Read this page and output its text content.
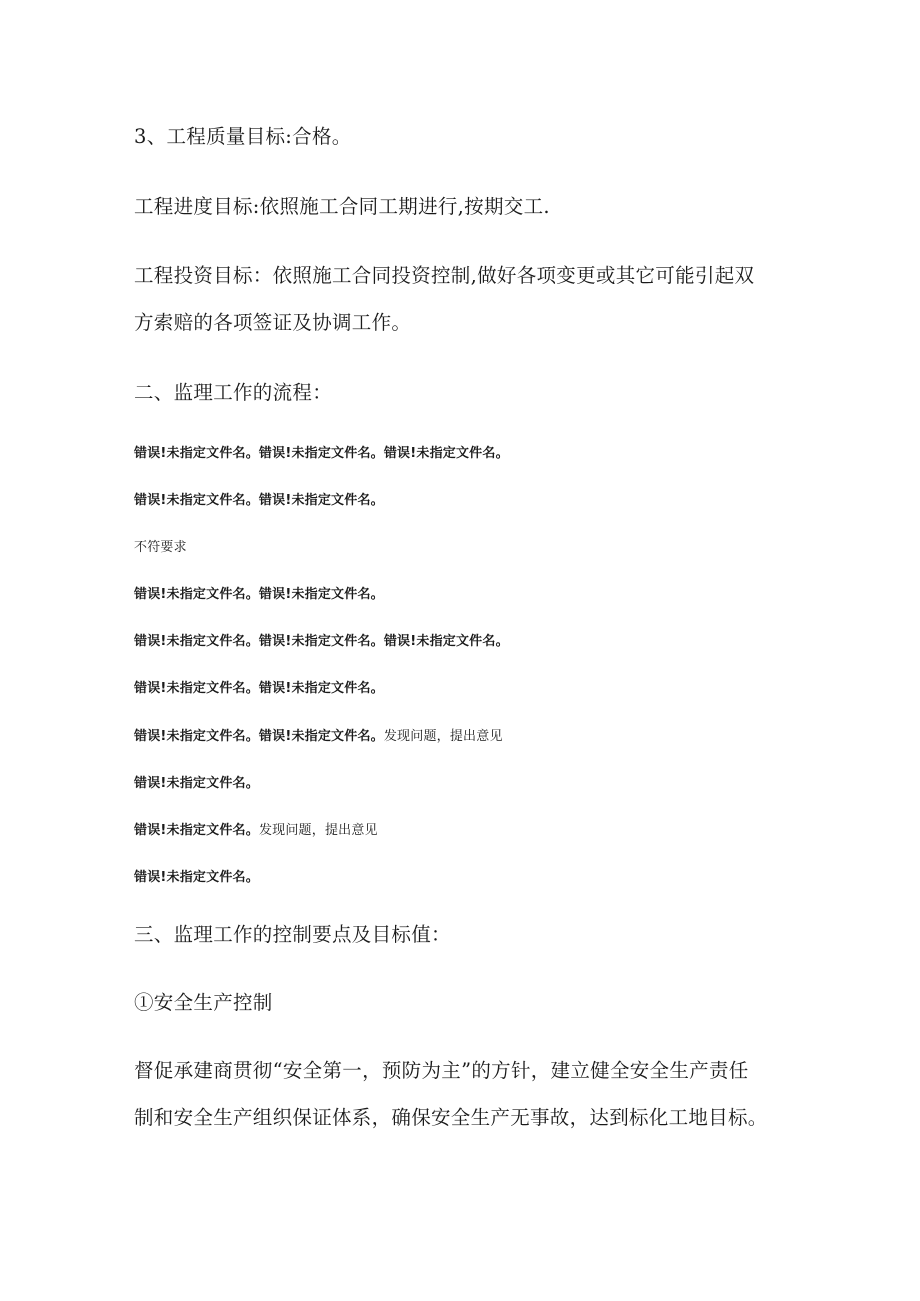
3、工程质量目标:合格。
工程进度目标:依照施工合同工期进行,按期交工.
工程投资目标：依照施工合同投资控制,做好各项变更或其它可能引起双
方索赔的各项签证及协调工作。
二、监理工作的流程：
错误!未指定文件名。错误!未指定文件名。错误!未指定文件名。
错误!未指定文件名。错误!未指定文件名。
不符要求
错误!未指定文件名。错误!未指定文件名。
错误!未指定文件名。错误!未指定文件名。错误!未指定文件名。
错误!未指定文件名。错误!未指定文件名。
错误!未指定文件名。错误!未指定文件名。发现问题，提出意见
错误!未指定文件名。
错误!未指定文件名。发现问题，提出意见
错误!未指定文件名。
三、监理工作的控制要点及目标值：
①安全生产控制
督促承建商贯彻“安全第一，预防为主”的方针，建立健全安全生产责任
制和安全生产组织保证体系，确保安全生产无事故，达到标化工地目标。
